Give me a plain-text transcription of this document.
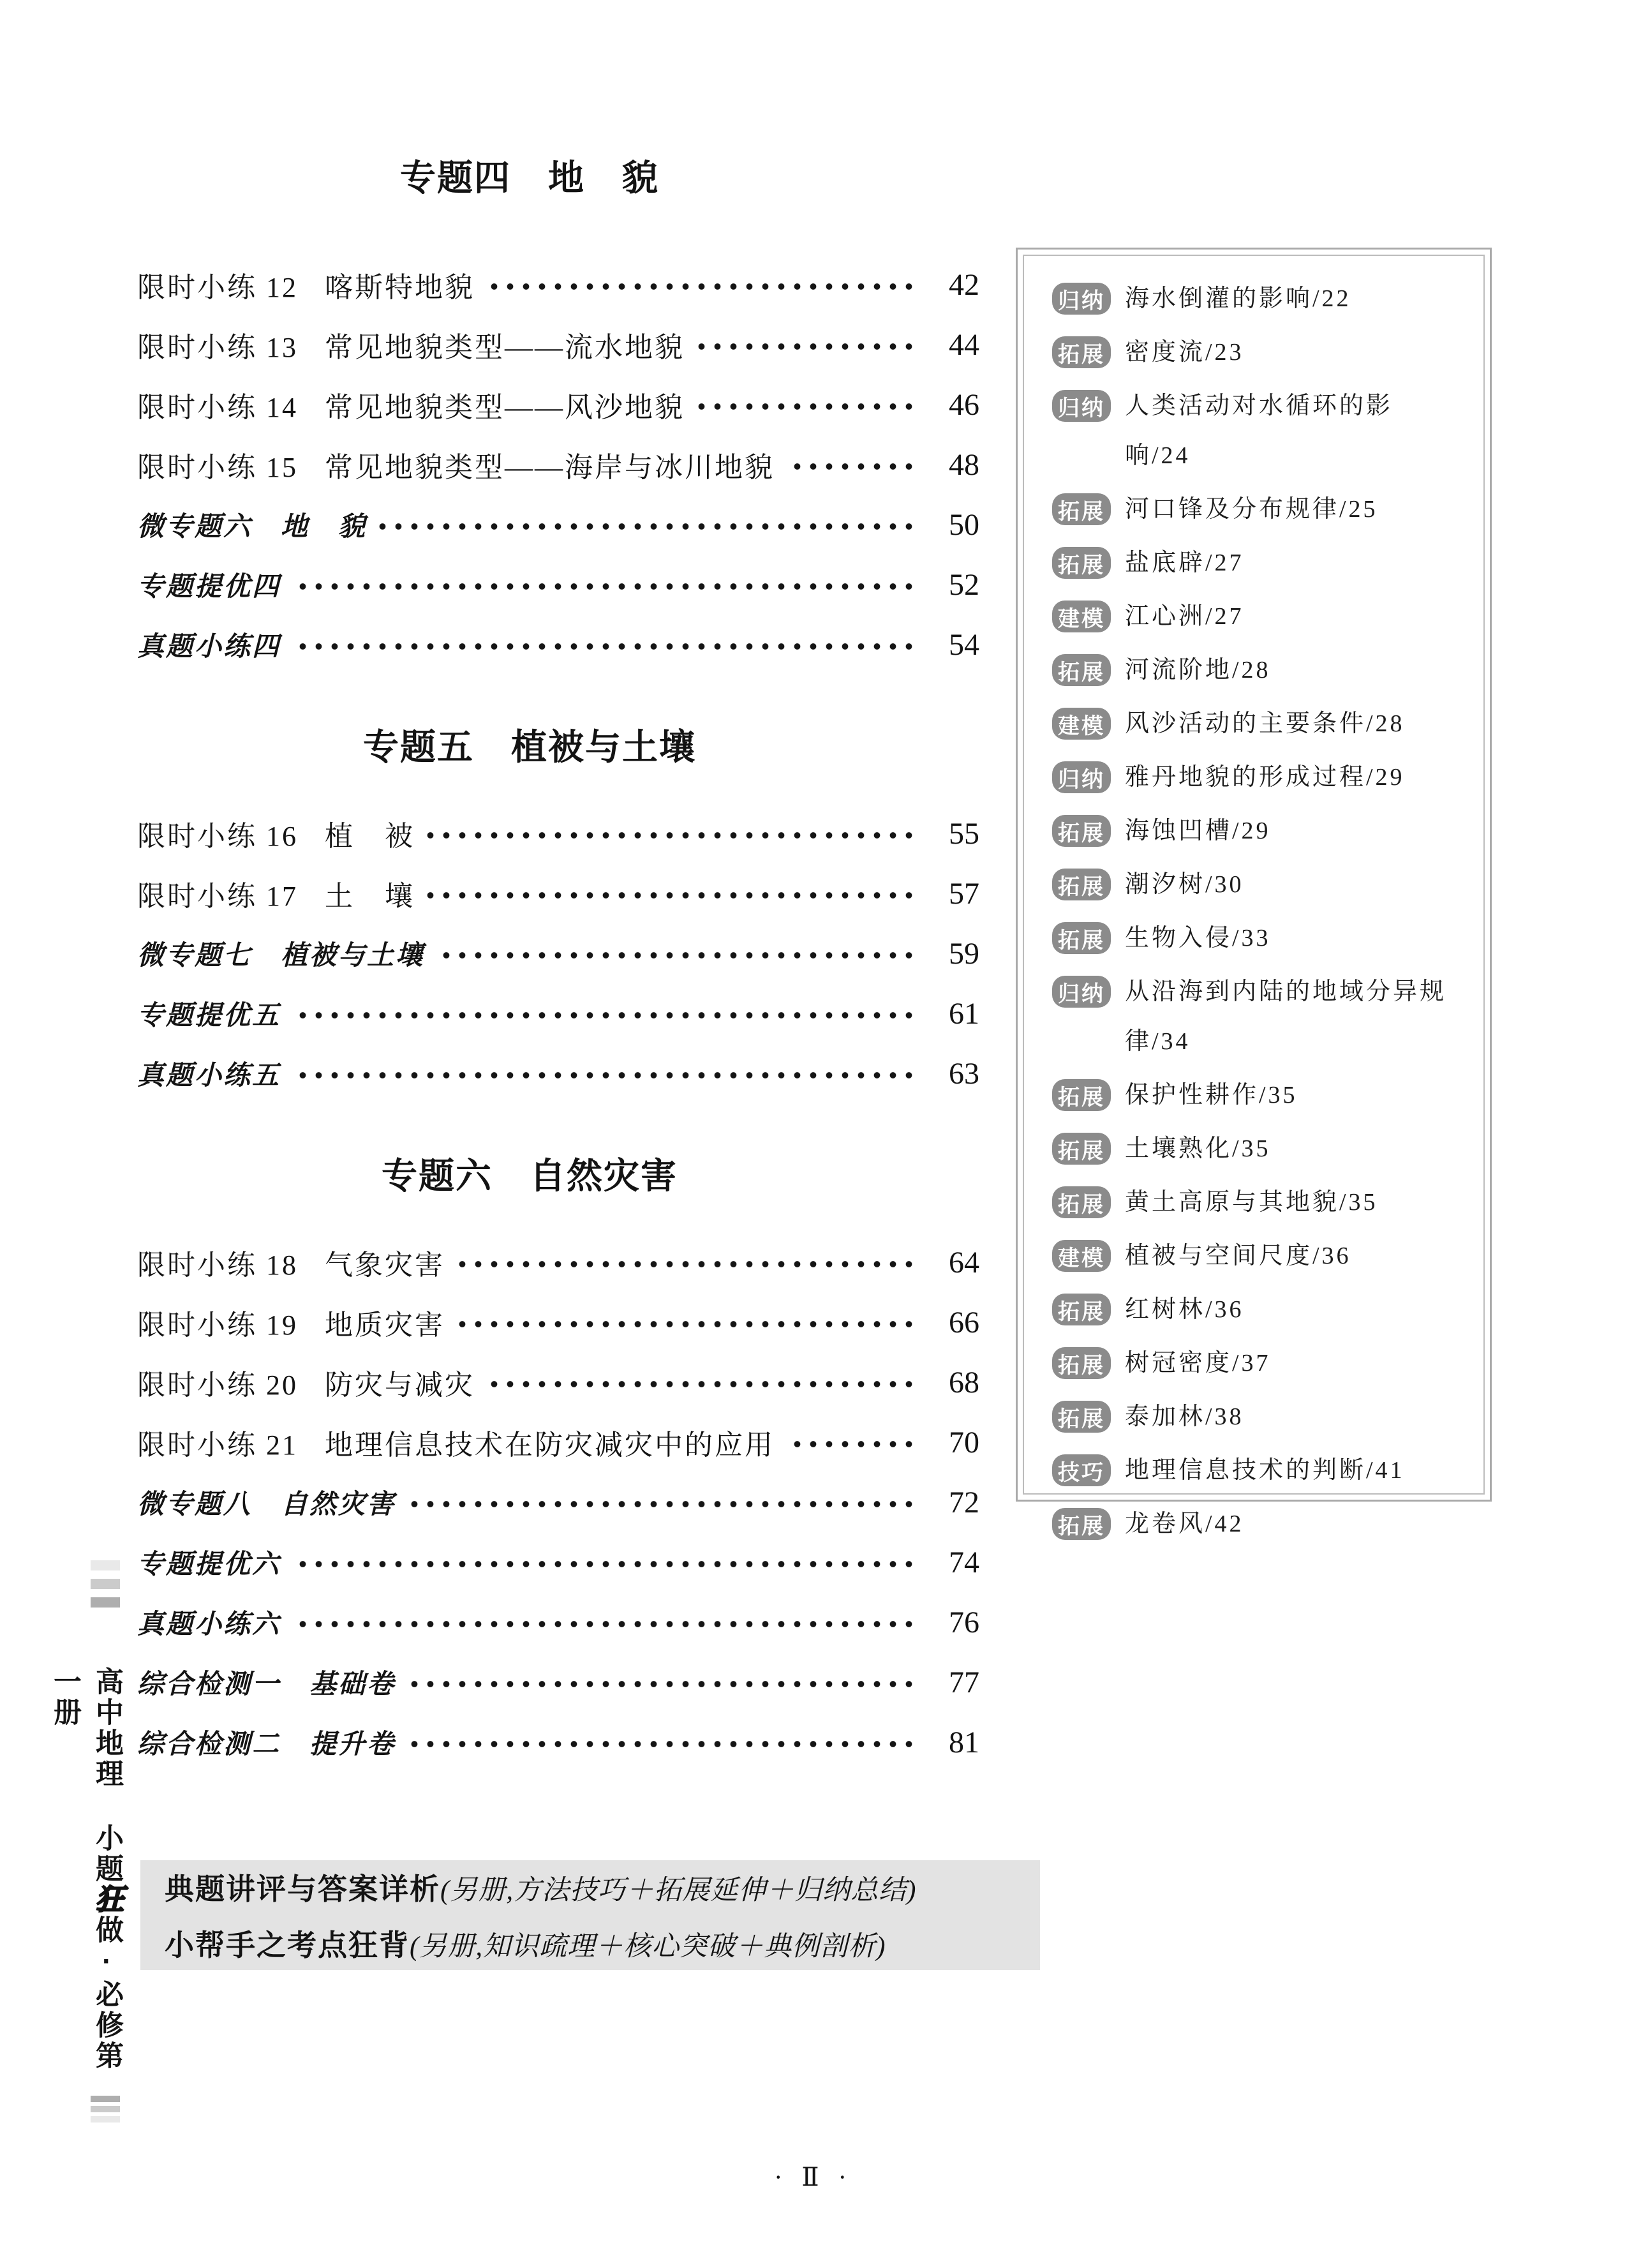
高中地理 小题狂做·必修第一册
专题四　地　貌
限时小练 12 喀斯特地貌	42
限时小练 13 常见地貌类型——流水地貌	44
限时小练 14 常见地貌类型——风沙地貌	46
限时小练 15 常见地貌类型——海岸与冰川地貌	48
微专题六　地　貌	50
专题提优四	52
真题小练四	54
专题五　植被与土壤
限时小练 16 植　被	55
限时小练 17 土　壤	57
微专题七　植被与土壤	59
专题提优五	61
真题小练五	63
专题六　自然灾害
限时小练 18 气象灾害	64
限时小练 19 地质灾害	66
限时小练 20 防灾与减灾	68
限时小练 21 地理信息技术在防灾减灾中的应用	70
微专题八　自然灾害	72
专题提优六	74
真题小练六	76
综合检测一　基础卷	77
综合检测二　提升卷	81
归纳 海水倒灌的影响/22
拓展 密度流/23
归纳 人类活动对水循环的影响/24
拓展 河口锋及分布规律/25
拓展 盐底辟/27
建模 江心洲/27
拓展 河流阶地/28
建模 风沙活动的主要条件/28
归纳 雅丹地貌的形成过程/29
拓展 海蚀凹槽/29
拓展 潮汐树/30
拓展 生物入侵/33
归纳 从沿海到内陆的地域分异规律/34
拓展 保护性耕作/35
拓展 土壤熟化/35
拓展 黄土高原与其地貌/35
建模 植被与空间尺度/36
拓展 红树林/36
拓展 树冠密度/37
拓展 泰加林/38
技巧 地理信息技术的判断/41
拓展 龙卷风/42
典题讲评与答案详析(另册,方法技巧＋拓展延伸＋归纳总结)
小帮手之考点狂背(另册,知识疏理＋核心突破＋典例剖析)
· Ⅱ ·
